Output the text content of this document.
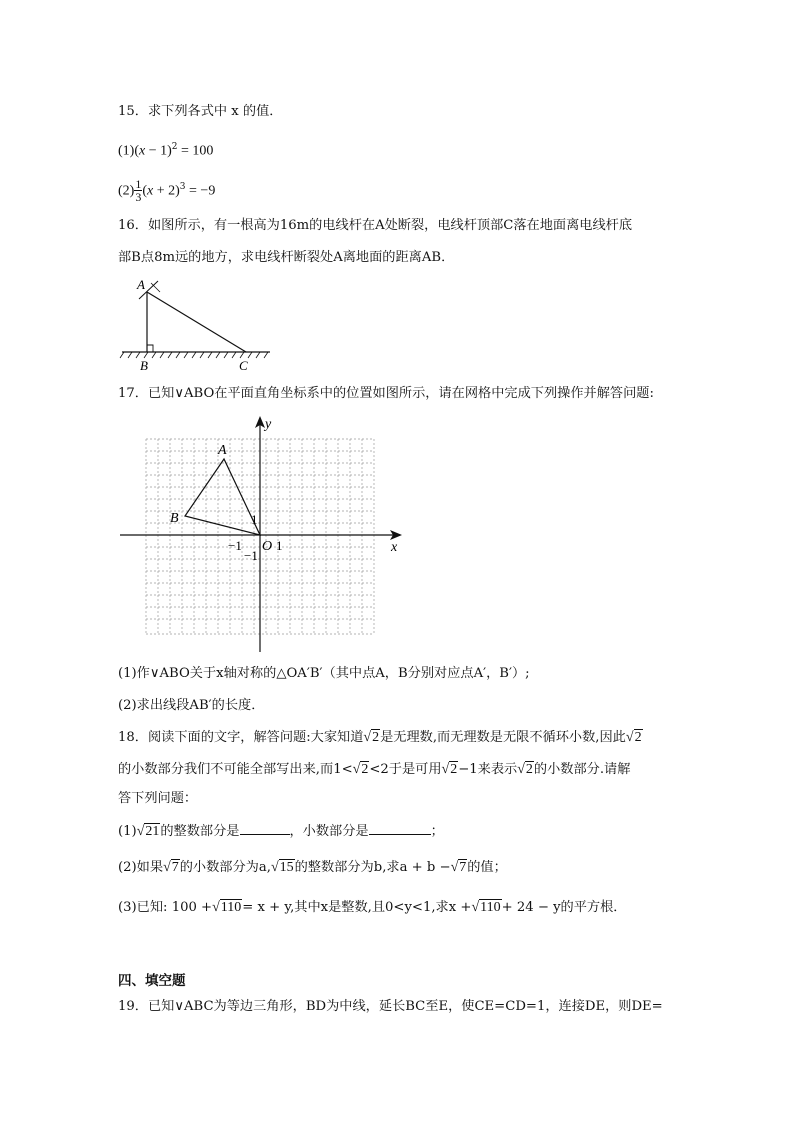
15．求下列各式中 x 的值．
$(1)(x - 1)^2 = 100$
$(2) \frac{1}{3} (x + 2)^3 = -9$
16．如图所示，有一根高为16m的电线杆在A处断裂，电线杆顶部C落在地面离电线杆底
部B点8m远的地方，求电线杆断裂处A离地面的距离AB．
A
B	C
17．已知∨ABO在平面直角坐标系中的位置如图所示，请在网格中完成下列操作并解答问题:
y
x
A
B
O 1
−1
1
−1
(1)作∨ABO关于x轴对称的△OA′B′（其中点A，B分别对应点A′，B′）;
(2)求出线段AB′的长度．
18．阅读下面的文字，解答问题:大家知道√2是无理数,而无理数是无限不循环小数,因此√2
的小数部分我们不可能全部写出来,而1<√2<2于是可用√2−1来表示√2的小数部分.请解
答下列问题：
(1)√21的整数部分是	，小数部分是	；
(2)如果√7的小数部分为a,√15的整数部分为b,求a + b −√7的值；
(3)已知: 100 +√110= x + y,其中x是整数,且0<y<1,求x +√110+ 24 − y的平方根．
四、填空题
19．已知∨ABC为等边三角形，BD为中线，延长BC至E，使CE=CD=1，连接DE，则DE=
